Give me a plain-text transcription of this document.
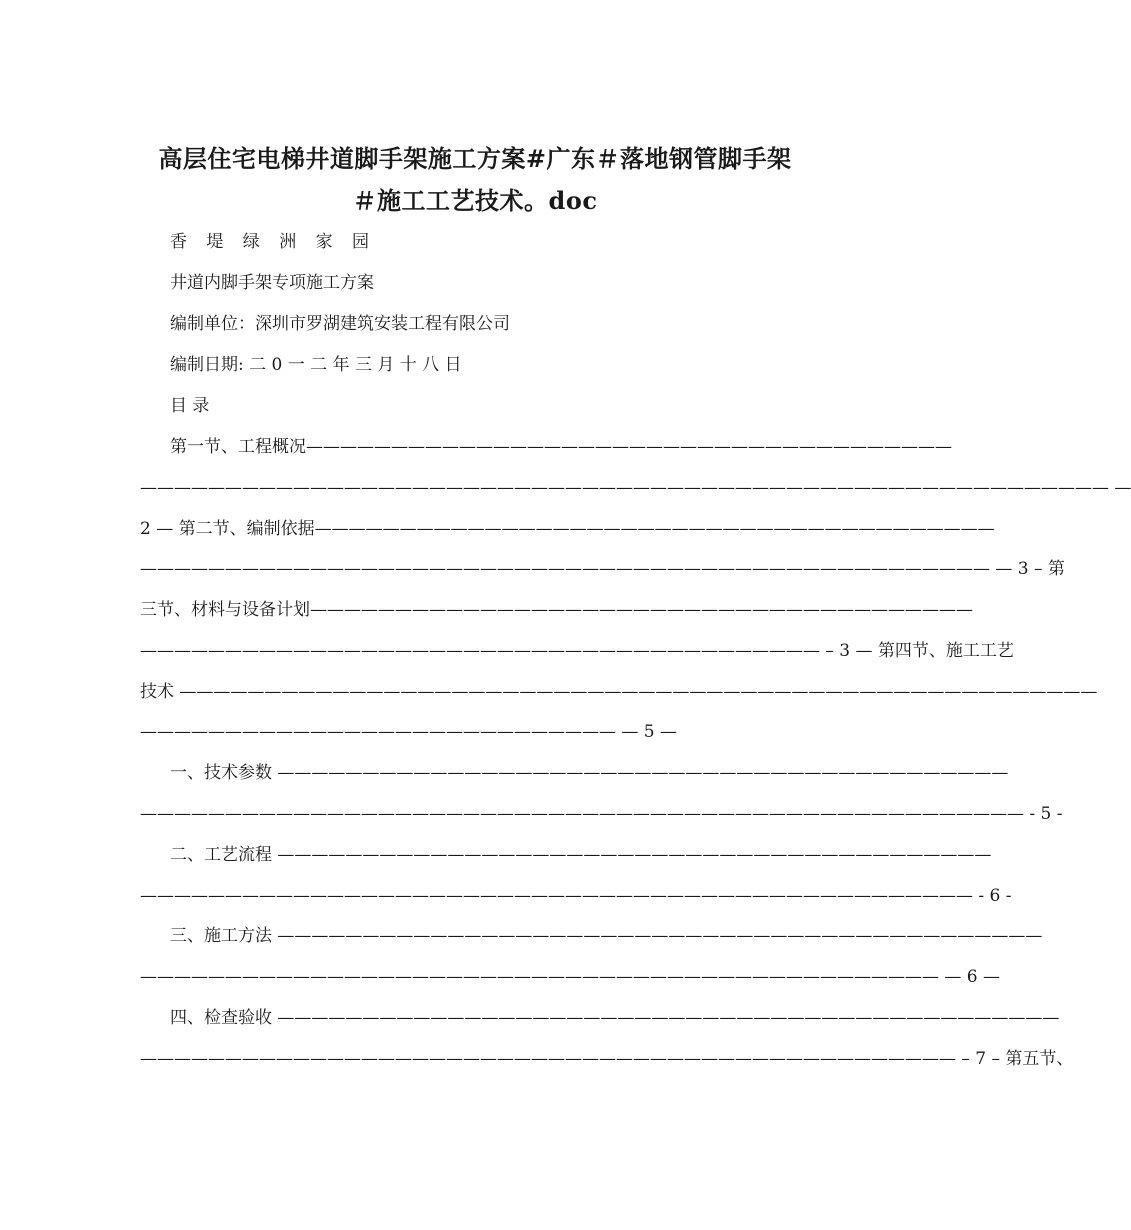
高层住宅电梯井道脚手架施工方案#广东＃落地钢管脚手架
＃施工工艺技术。doc
香 堤 绿 洲 家 园
井道内脚手架专项施工方案
编制单位：深圳市罗湖建筑安装工程有限公司
编制日期: 二 0 一 二 年 三 月 十 八 日
目 录
第一节、工程概况——————————————————————————————————————
————————————————————————————————————————————————————————— —
2 — 第二节、编制依据————————————————————————————————————————
—————————————————————————————————————————————————— — 3 – 第
三节、材料与设备计划———————————————————————————————————————
———————————————————————————————————————— – 3 — 第四节、施工工艺
技术 ——————————————————————————————————————————————————————
———————————————————————————— — 5 —
一、技术参数 ———————————————————————————————————————————
———————————————————————————————————————————————————— - 5 -
二、工艺流程 ——————————————————————————————————————————
————————————————————————————————————————————————— - 6 -
三、施工方法 —————————————————————————————————————————————
——————————————————————————————————————————————— — 6 —
四、检查验收 ——————————————————————————————————————————————
———————————————————————————————————————————————— – 7 – 第五节、
